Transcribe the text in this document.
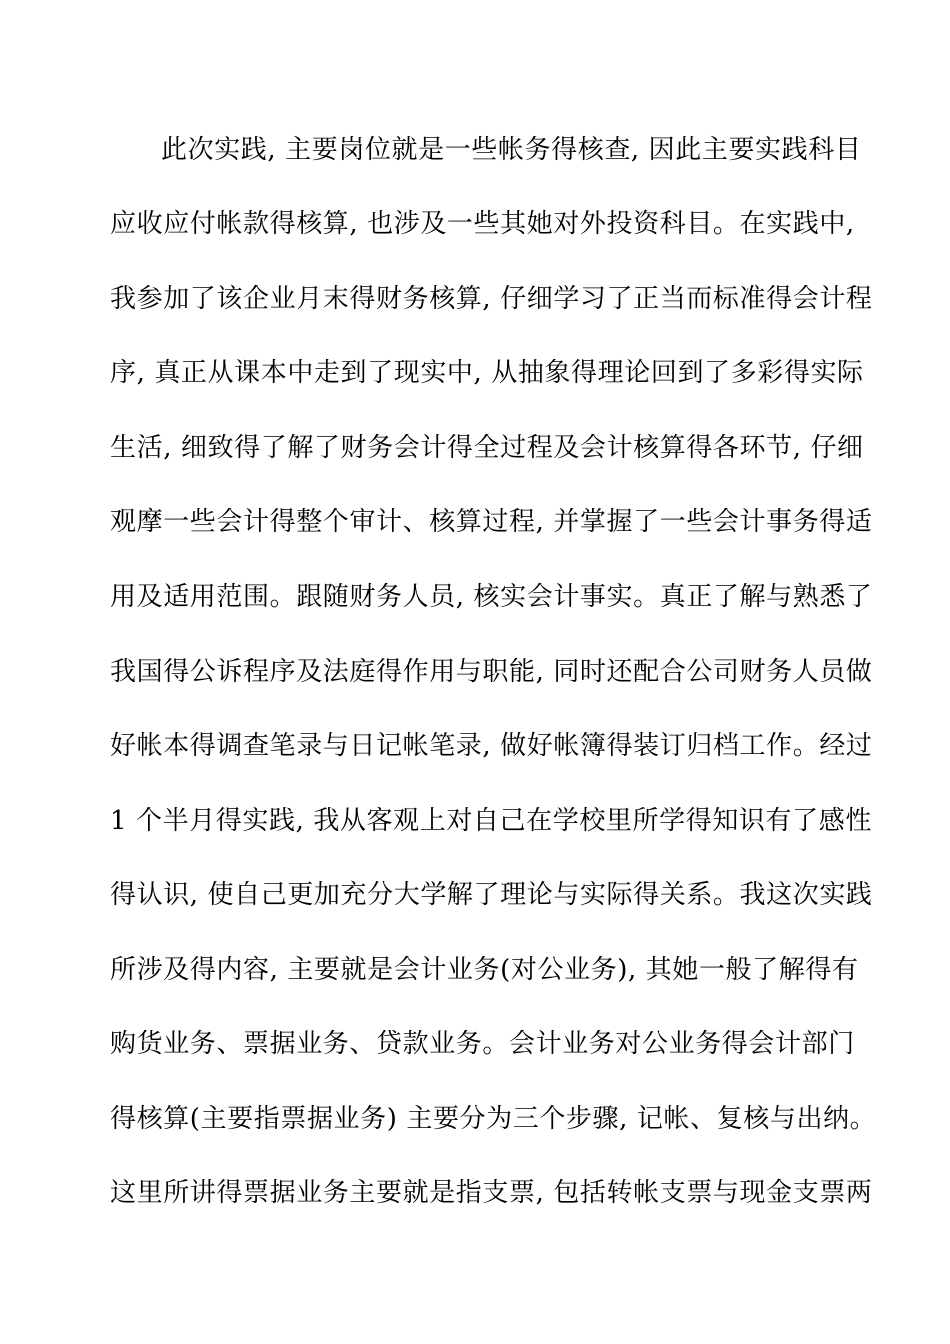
此次实践, 主要岗位就是一些帐务得核查, 因此主要实践科目
应收应付帐款得核算, 也涉及一些其她对外投资科目。在实践中,
我参加了该企业月末得财务核算, 仔细学习了正当而标准得会计程
序, 真正从课本中走到了现实中, 从抽象得理论回到了多彩得实际
生活, 细致得了解了财务会计得全过程及会计核算得各环节, 仔细
观摩一些会计得整个审计、核算过程, 并掌握了一些会计事务得适
用及适用范围。跟随财务人员, 核实会计事实。真正了解与熟悉了
我国得公诉程序及法庭得作用与职能, 同时还配合公司财务人员做
好帐本得调查笔录与日记帐笔录, 做好帐簿得装订归档工作。经过
1 个半月得实践, 我从客观上对自己在学校里所学得知识有了感性
得认识, 使自己更加充分大学解了理论与实际得关系。我这次实践
所涉及得内容, 主要就是会计业务(对公业务), 其她一般了解得有
购货业务、票据业务、贷款业务。会计业务对公业务得会计部门
得核算(主要指票据业务) 主要分为三个步骤, 记帐、复核与出纳。
这里所讲得票据业务主要就是指支票, 包括转帐支票与现金支票两
